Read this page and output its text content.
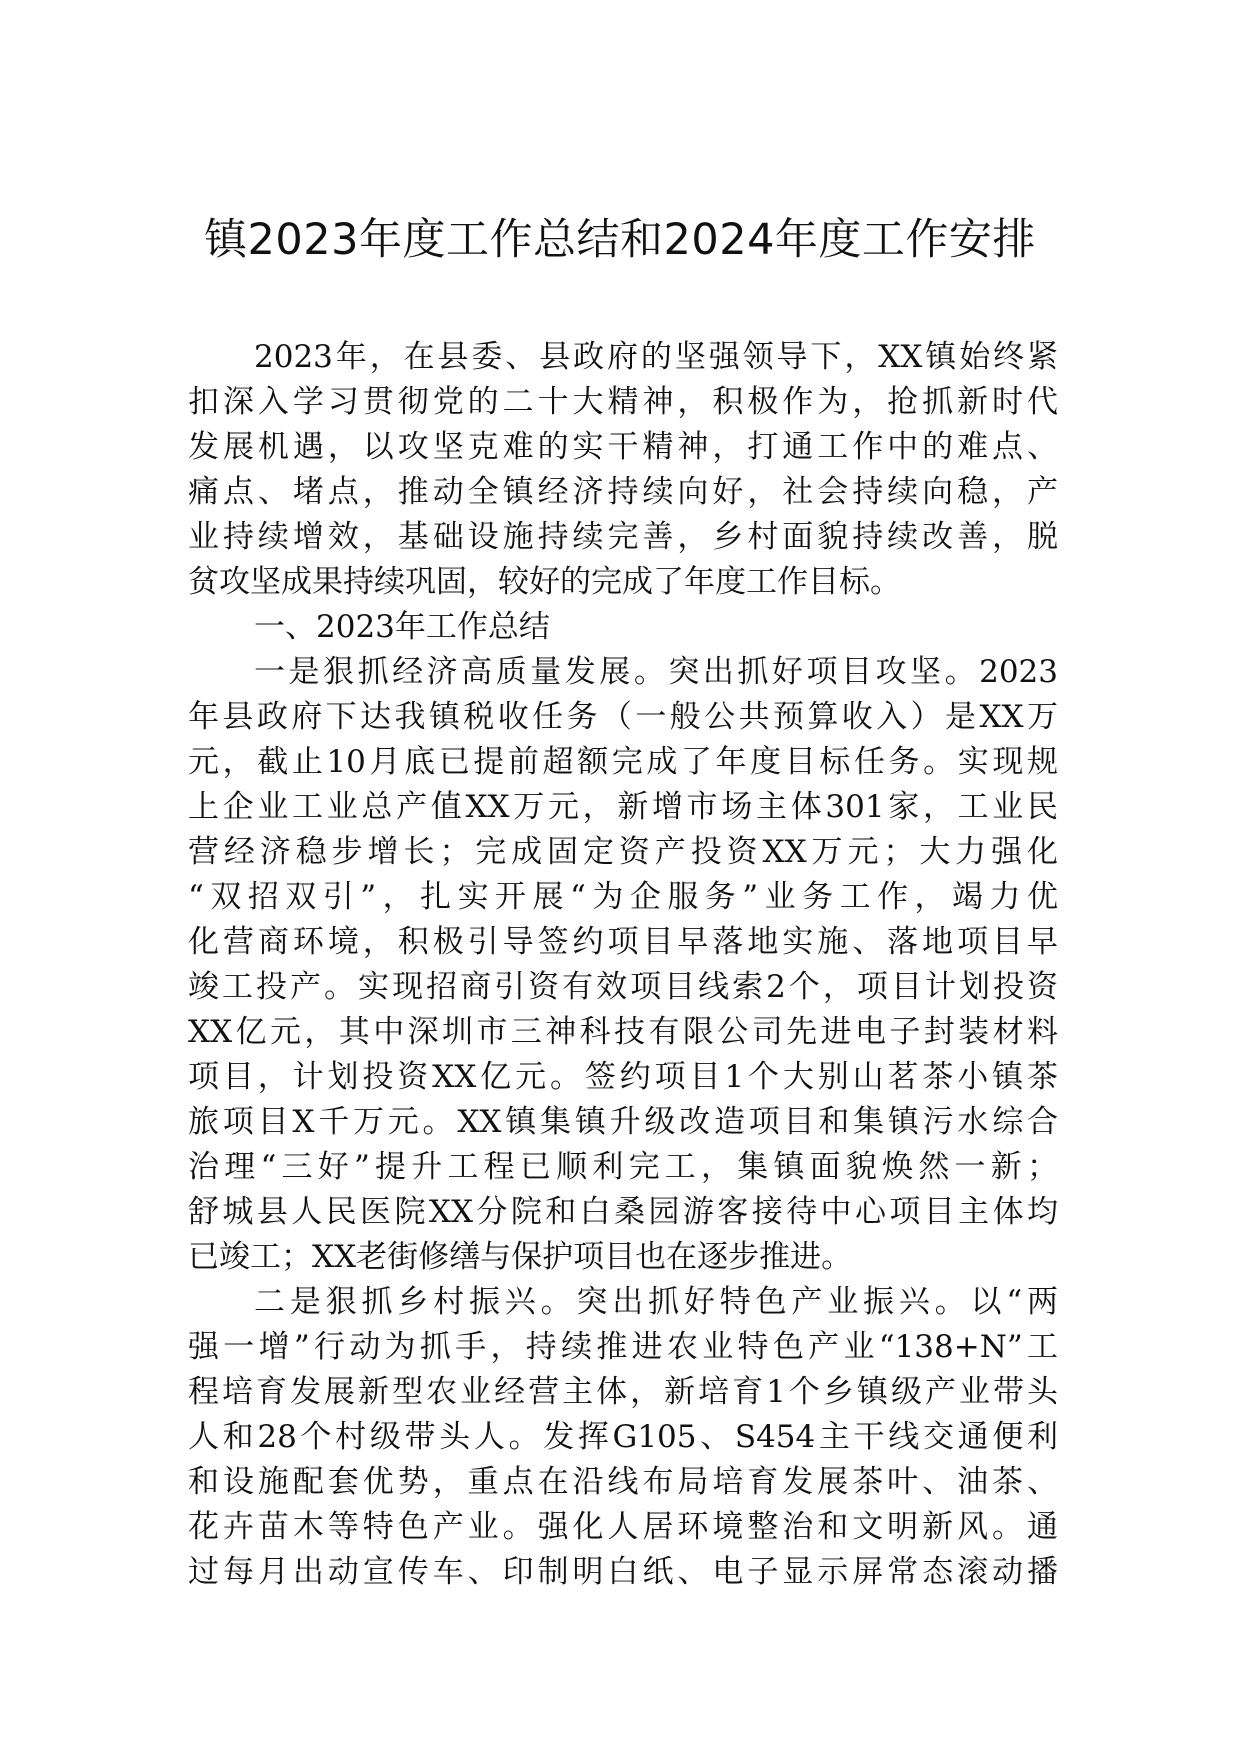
镇2023年度工作总结和2024年度工作安排
2023年，在县委、县政府的坚强领导下，XX镇始终紧
扣深入学习贯彻党的二十大精神，积极作为，抢抓新时代
发展机遇，以攻坚克难的实干精神，打通工作中的难点、
痛点、堵点，推动全镇经济持续向好，社会持续向稳，产
业持续增效，基础设施持续完善，乡村面貌持续改善，脱
贫攻坚成果持续巩固，较好的完成了年度工作目标。
一、2023年工作总结
一是狠抓经济高质量发展。突出抓好项目攻坚。2023
年县政府下达我镇税收任务（一般公共预算收入）是XX万
元，截止10月底已提前超额完成了年度目标任务。实现规
上企业工业总产值XX万元，新增市场主体301家，工业民
营经济稳步增长；完成固定资产投资XX万元；大力强化
“双招双引”，扎实开展“为企服务”业务工作，竭力优
化营商环境，积极引导签约项目早落地实施、落地项目早
竣工投产。实现招商引资有效项目线索2个，项目计划投资
XX亿元，其中深圳市三神科技有限公司先进电子封装材料
项目，计划投资XX亿元。签约项目1个大别山茗茶小镇茶
旅项目X千万元。XX镇集镇升级改造项目和集镇污水综合
治理“三好”提升工程已顺利完工，集镇面貌焕然一新；
舒城县人民医院XX分院和白桑园游客接待中心项目主体均
已竣工；XX老街修缮与保护项目也在逐步推进。
二是狠抓乡村振兴。突出抓好特色产业振兴。以“两
强一增”行动为抓手，持续推进农业特色产业“138+N”工
程培育发展新型农业经营主体，新培育1个乡镇级产业带头
人和28个村级带头人。发挥G105、S454主干线交通便利
和设施配套优势，重点在沿线布局培育发展茶叶、油茶、
花卉苗木等特色产业。强化人居环境整治和文明新风。通
过每月出动宣传车、印制明白纸、电子显示屏常态滚动播
